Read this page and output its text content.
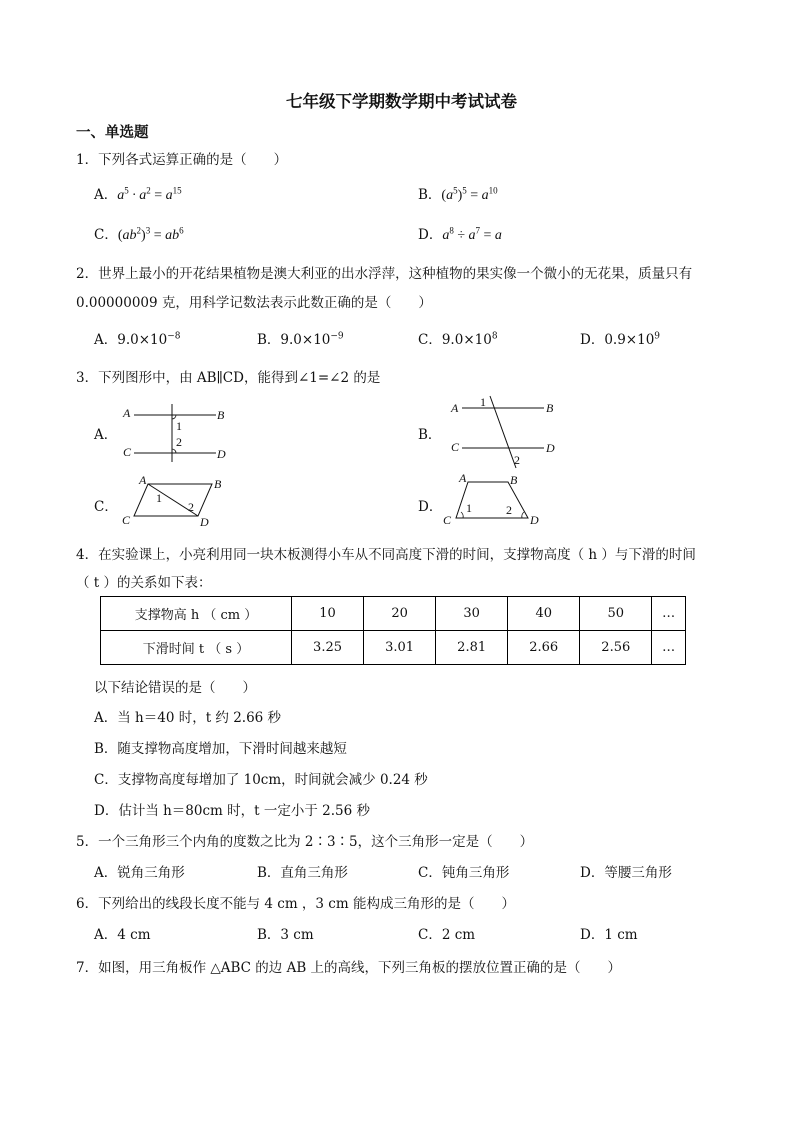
七年级下学期数学期中考试试卷
一、单选题
1．下列各式运算正确的是（　　）
A．$a^5 \cdot a^2 = a^{15}$	B．$(a^5)^5 = a^{10}$
C．$(ab^2)^3 = ab^6$	D．$a^8 \div a^7 = a$
2．世界上最小的开花结果植物是澳大利亚的出水浮萍，这种植物的果实像一个微小的无花果，质量只有
0.00000009 克，用科学记数法表示此数正确的是（　　）
A．$9.0\times 10^{-8}$	B．$9.0\times 10^{-9}$	C．$9.0\times 10^8$	D．$0.9\times 10^9$
3．下列图形中，由 AB∥CD，能得到∠1=∠2 的是
A．
A	B
C	D
1
2	B．
A	B
C	D
1
2
C．
A	B
C	D
1
2	D．
A	B
C	D
1	2
4．在实验课上，小亮利用同一块木板测得小车从不同高度下滑的时间，支撑物高度（ h ）与下滑的时间
（ t ）的关系如下表：
支撑物高 h （ cm ）	10	20	30	40	50	…
下滑时间 t （ s ）	3.25	3.01	2.81	2.66	2.56	…
以下结论错误的是（　　）
A．当 h＝40 时，t 约 2.66 秒
B．随支撑物高度增加，下滑时间越来越短
C．支撑物高度每增加了 10cm，时间就会减少 0.24 秒
D．估计当 h＝80cm 时，t 一定小于 2.56 秒
5．一个三角形三个内角的度数之比为 2∶3∶5，这个三角形一定是（　　）
A．锐角三角形	B．直角三角形	C．钝角三角形	D．等腰三角形
6．下列给出的线段长度不能与 4 cm ，3 cm 能构成三角形的是（　　）
A．4 cm	B．3 cm	C．2 cm	D．1 cm
7．如图，用三角板作 △ABC 的边 AB 上的高线，下列三角板的摆放位置正确的是（　　）
